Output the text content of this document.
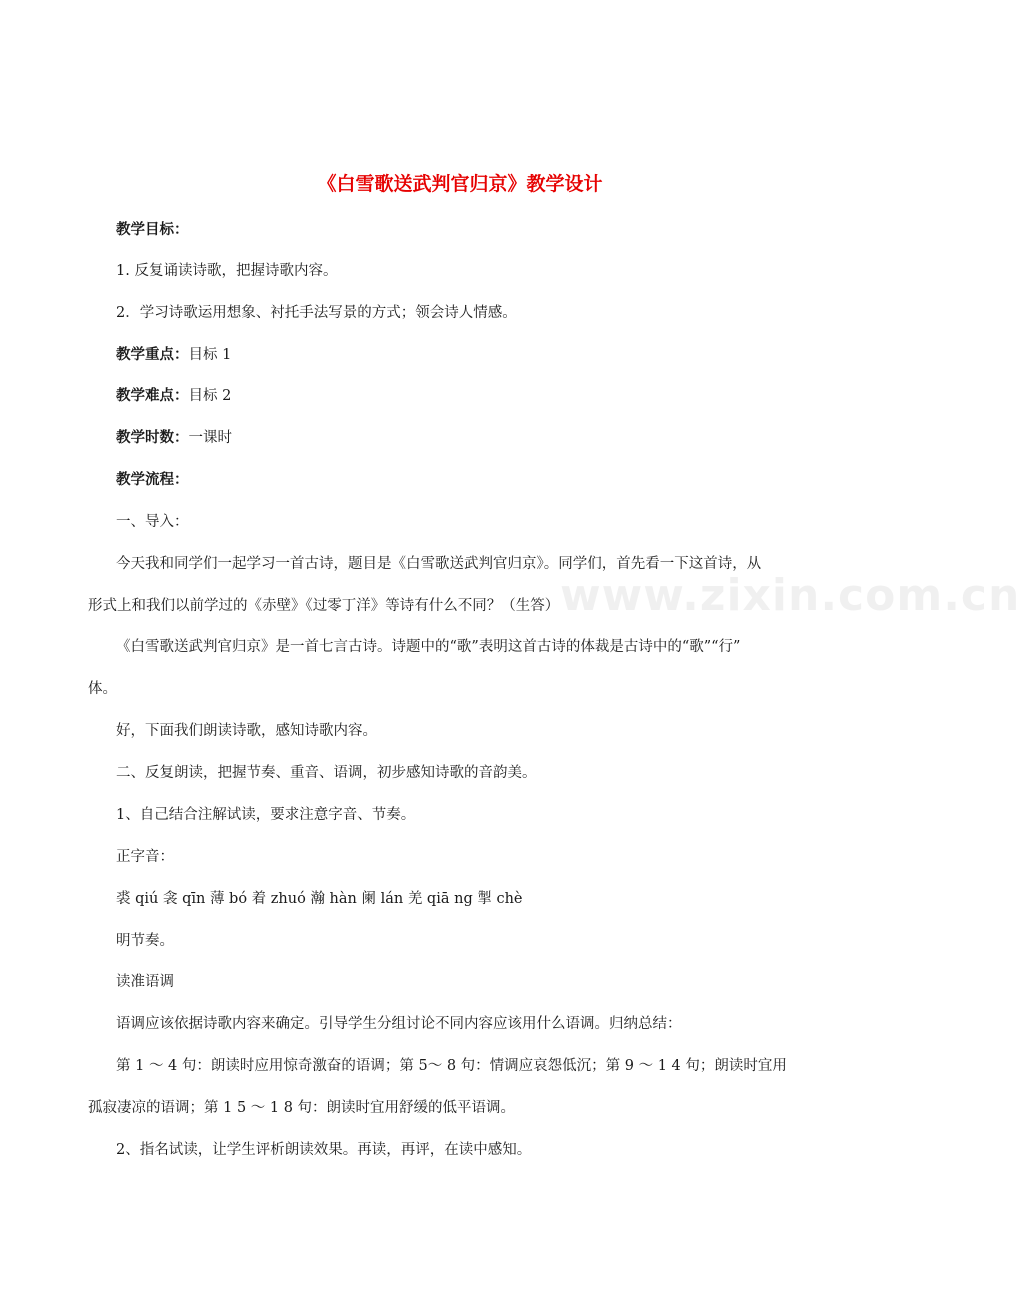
《白雪歌送武判官归京》教学设计
教学目标：
1. 反复诵读诗歌，把握诗歌内容。
2．学习诗歌运用想象、衬托手法写景的方式；领会诗人情感。
教学重点：目标 1
教学难点：目标 2
教学时数：一课时
教学流程：
一、导入：
今天我和同学们一起学习一首古诗，题目是《白雪歌送武判官归京》。同学们，首先看一下这首诗，从
形式上和我们以前学过的《赤壁》《过零丁洋》等诗有什么不同？（生答）
《白雪歌送武判官归京》是一首七言古诗。诗题中的“歌”表明这首古诗的体裁是古诗中的“歌”“行”
体。
好，下面我们朗读诗歌，感知诗歌内容。
二、反复朗读，把握节奏、重音、语调，初步感知诗歌的音韵美。
1、自己结合注解试读，要求注意字音、节奏。
正字音：
裘 qiú 衾 qīn 薄 bó 着 zhuó 瀚 hàn 阑 lán 羌 qiā ng 掣 chè
明节奏。
读准语调
语调应该依据诗歌内容来确定。引导学生分组讨论不同内容应该用什么语调。归纳总结：
第 1 ～ 4 句：朗读时应用惊奇激奋的语调；第 5～ 8 句：情调应哀怨低沉；第 9 ～ 1 4 句；朗读时宜用
孤寂凄凉的语调；第 1 5 ～ 1 8 句：朗读时宜用舒缓的低平语调。
2、指名试读，让学生评析朗读效果。再读，再评，在读中感知。
www.zixin.com.cn
